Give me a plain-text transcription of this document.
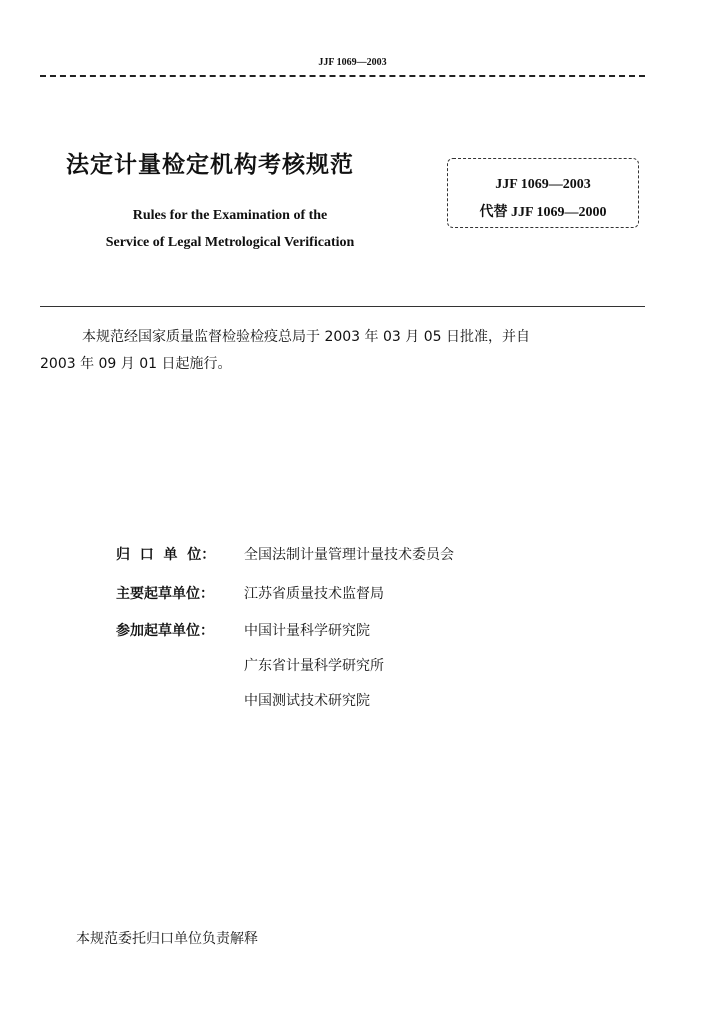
JJF 1069—2003
法定计量检定机构考核规范
Rules for the Examination of the
Service of Legal Metrological Verification
JJF 1069—2003
代替 JJF 1069—2000
本规范经国家质量监督检验检疫总局于 2003 年 03 月 05 日批准，并自
2003 年 09 月 01 日起施行。
归  口  单  位：	全国法制计量管理计量技术委员会
主要起草单位：	江苏省质量技术监督局
参加起草单位：	中国计量科学研究院
广东省计量科学研究所
中国测试技术研究院
本规范委托归口单位负责解释
